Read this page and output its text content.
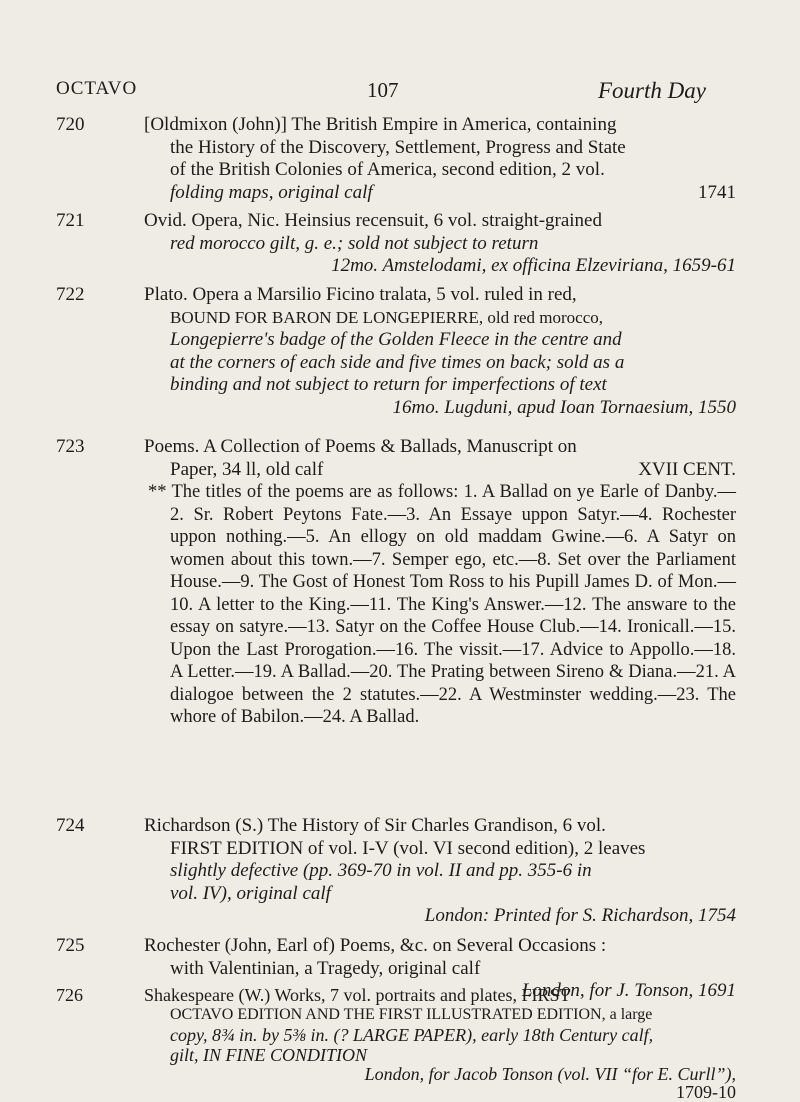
OCTAVO	107	Fourth Day
720	[Oldmixon (John)] The British Empire in America, containing
the History of the Discovery, Settlement, Progress and State
of the British Colonies of America, second edition, 2 vol.
folding maps, original calf	1741
721	Ovid. Opera, Nic. Heinsius recensuit, 6 vol. straight-grained
red morocco gilt, g. e.; sold not subject to return
12mo. Amstelodami, ex officina Elzeviriana, 1659-61
722	Plato. Opera a Marsilio Ficino tralata, 5 vol. ruled in red,
BOUND FOR BARON DE LONGEPIERRE, old red morocco,
Longepierre's badge of the Golden Fleece in the centre and
at the corners of each side and five times on back; sold as a
binding and not subject to return for imperfections of text
16mo. Lugduni, apud Ioan Tornaesium, 1550
723	Poems. A Collection of Poems & Ballads, Manuscript on
Paper, 34 ll, old calf	XVII CENT.
** The titles of the poems are as follows: 1. A Ballad on ye Earle of Danby.—2. Sr. Robert Peytons Fate.—3. An Essaye uppon Satyr.—4. Rochester uppon nothing.—5. An ellogy on old maddam Gwine.—6. A Satyr on women about this town.—7. Semper ego, etc.—8. Set over the Parliament House.—9. The Gost of Honest Tom Ross to his Pupill James D. of Mon.—10. A letter to the King.—11. The King's Answer.—12. The answare to the essay on satyre.—13. Satyr on the Coffee House Club.—14. Ironicall.—15. Upon the Last Prorogation.—16. The vissit.—17. Advice to Appollo.—18. A Letter.—19. A Ballad.—20. The Prating between Sireno & Diana.—21. A dialogoe between the 2 statutes.—22. A Westminster wedding.—23. The whore of Babilon.—24. A Ballad.
724	Richardson (S.) The History of Sir Charles Grandison, 6 vol.
FIRST EDITION of vol. I-V (vol. VI second edition), 2 leaves
slightly defective (pp. 369-70 in vol. II and pp. 355-6 in
vol. IV), original calf
London: Printed for S. Richardson, 1754
725	Rochester (John, Earl of) Poems, &c. on Several Occasions :
with Valentinian, a Tragedy, original calf
London, for J. Tonson, 1691
726	Shakespeare (W.) Works, 7 vol. portraits and plates, FIRST
OCTAVO EDITION AND THE FIRST ILLUSTRATED EDITION, a large
copy, 8¾ in. by 5⅜ in. (? LARGE PAPER), early 18th Century calf,
gilt, IN FINE CONDITION
London, for Jacob Tonson (vol. VII “for E. Curll”),
1709-10
